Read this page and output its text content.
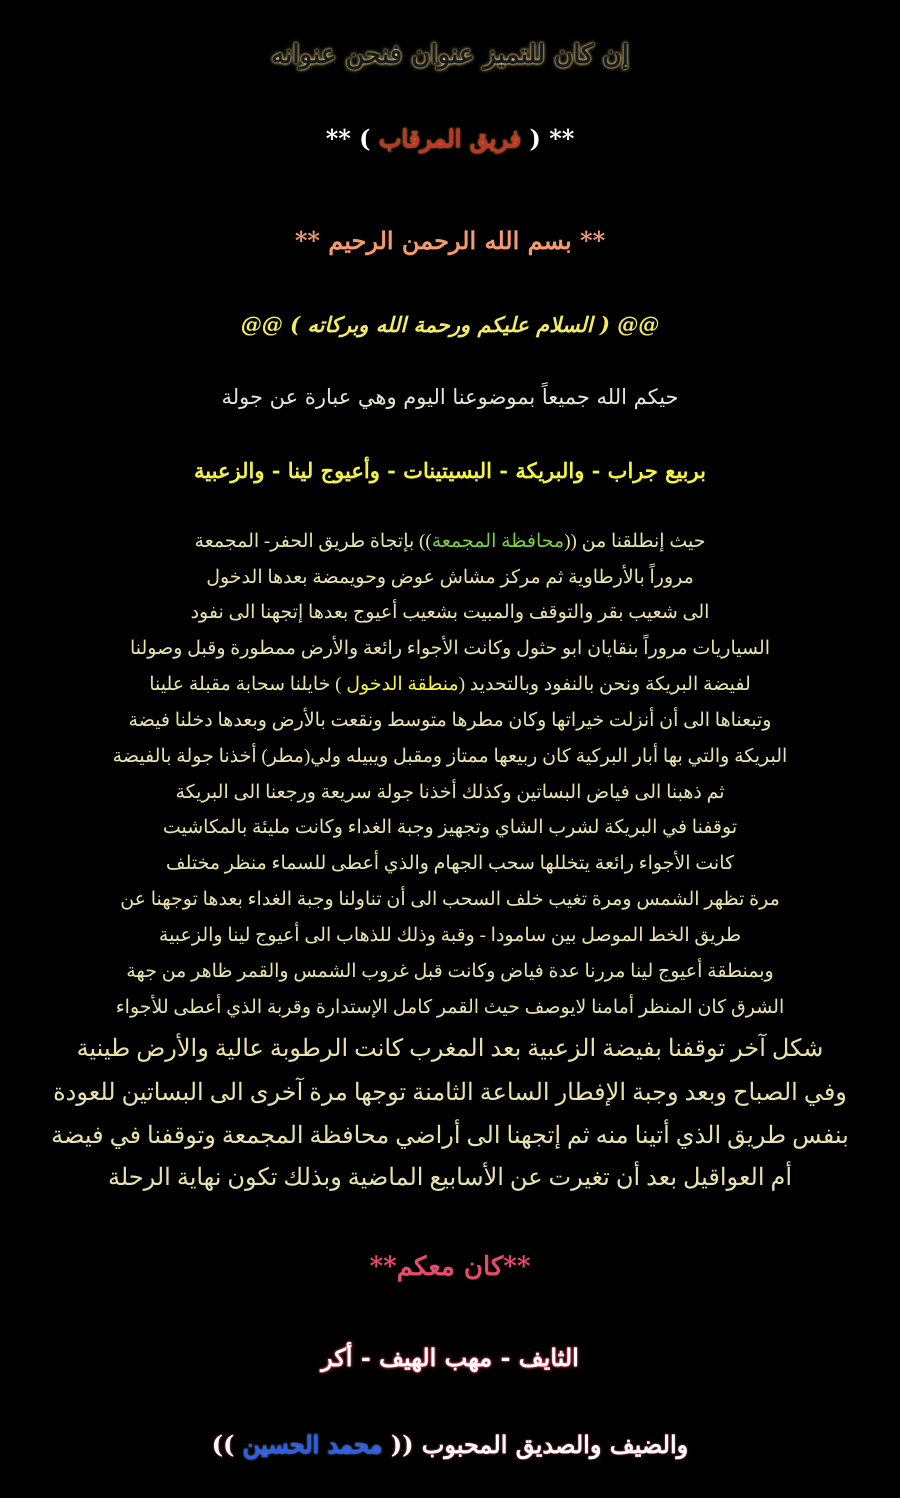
إن كان للتميز عنوان فنحن عنوانه
** ( فريق المرقاب ) **
** بسم الله الرحمن الرحيم **
@@ ( السلام عليكم ورحمة الله وبركاته ) @@
حيكم الله جميعاً بموضوعنا اليوم وهي عبارة عن جولة
بربيع جراب - والبريكة - البسيتينات - وأعيوج لينا - والزعبية
حيث إنطلقنا من ((محافظة المجمعة)) بإتجاة طريق الحفر- المجمعة
مروراً بالأرطاوية ثم مركز مشاش عوض وحويمضة بعدها الدخول
الى شعيب بقر والتوقف والمبيت بشعيب أعيوج بعدها إتجهنا الى نفود
السياريات مروراً بنقايان ابو حثول وكانت الأجواء رائعة والأرض ممطورة وقبل وصولنا
لفيضة البريكة ونحن بالنفود وبالتحديد (منطقة الدخول ) خايلنا سحابة مقبلة علينا
وتبعناها الى أن أنزلت خيراتها وكان مطرها متوسط ونقعت بالأرض وبعدها دخلنا فيضة
البريكة والتي بها أبار البركية كان ربيعها ممتاز ومقبل ويبيله ولي(مطر) أخذنا جولة بالفيضة
ثم ذهبنا الى فياض البساتين وكذلك أخذنا جولة سريعة ورجعنا الى البريكة
توقفنا في البريكة لشرب الشاي وتجهيز وجبة الغداء وكانت مليئة بالمكاشيت
كانت الأجواء رائعة يتخللها سحب الجهام والذي أعطى للسماء منظر مختلف
مرة تظهر الشمس ومرة تغيب خلف السحب الى أن تناولنا وجبة الغداء بعدها توجهنا عن
طريق الخط الموصل بين سامودا - وقبة وذلك للذهاب الى أعيوج لينا والزعبية
وبمنطقة أعيوج لينا مررنا عدة فياض وكانت قبل غروب الشمس والقمر ظاهر من جهة
الشرق كان المنظر أمامنا لايوصف حيث القمر كامل الإستدارة وقربة الذي أعطى للأجواء
شكل آخر توقفنا بفيضة الزعبية بعد المغرب كانت الرطوبة عالية والأرض طينية
وفي الصباح وبعد وجبة الإفطار الساعة الثامنة توجها مرة آخرى الى البساتين للعودة
بنفس طريق الذي أتينا منه ثم إتجهنا الى أراضي محافظة المجمعة وتوقفنا في فيضة
أم العواقيل بعد أن تغيرت عن الأسابيع الماضية وبذلك تكون نهاية الرحلة
**كان معكم**
الثايف - مهب الهيف - أكر
والضيف والصديق المحبوب (( محمد الحسين ))
